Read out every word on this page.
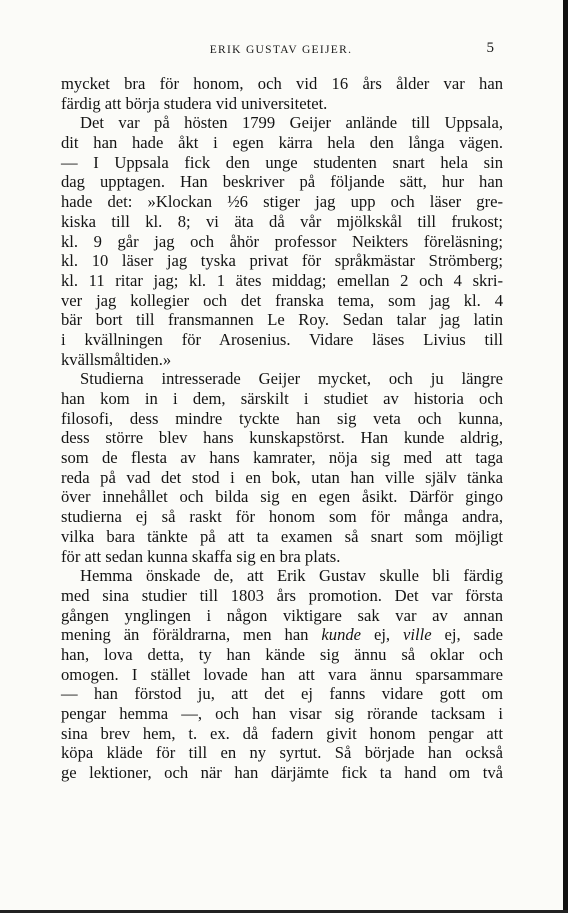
ERIK GUSTAV GEIJER.	5
mycket bra för honom, och vid 16 års ålder var han
färdig att börja studera vid universitetet.
Det var på hösten 1799 Geijer anlände till Uppsala,
dit han hade åkt i egen kärra hela den långa vägen.
— I Uppsala fick den unge studenten snart hela sin
dag upptagen. Han beskriver på följande sätt, hur han
hade det: »Klockan ½6 stiger jag upp och läser gre-
kiska till kl. 8; vi äta då vår mjölkskål till frukost;
kl. 9 går jag och åhör professor Neikters föreläsning;
kl. 10 läser jag tyska privat för språkmästar Strömberg;
kl. 11 ritar jag; kl. 1 ätes middag; emellan 2 och 4 skri-
ver jag kollegier och det franska tema, som jag kl. 4
bär bort till fransmannen Le Roy. Sedan talar jag latin
i kvällningen för Arosenius. Vidare läses Livius till
kvällsmåltiden.»
Studierna intresserade Geijer mycket, och ju längre
han kom in i dem, särskilt i studiet av historia och
filosofi, dess mindre tyckte han sig veta och kunna,
dess större blev hans kunskapstörst. Han kunde aldrig,
som de flesta av hans kamrater, nöja sig med att taga
reda på vad det stod i en bok, utan han ville själv tänka
över innehållet och bilda sig en egen åsikt. Därför gingo
studierna ej så raskt för honom som för många andra,
vilka bara tänkte på att ta examen så snart som möjligt
för att sedan kunna skaffa sig en bra plats.
Hemma önskade de, att Erik Gustav skulle bli färdig
med sina studier till 1803 års promotion. Det var första
gången ynglingen i någon viktigare sak var av annan
mening än föräldrarna, men han kunde ej, ville ej, sade
han, lova detta, ty han kände sig ännu så oklar och
omogen. I stället lovade han att vara ännu sparsammare
— han förstod ju, att det ej fanns vidare gott om
pengar hemma —, och han visar sig rörande tacksam i
sina brev hem, t. ex. då fadern givit honom pengar att
köpa kläde för till en ny syrtut. Så började han också
ge lektioner, och när han därjämte fick ta hand om två
